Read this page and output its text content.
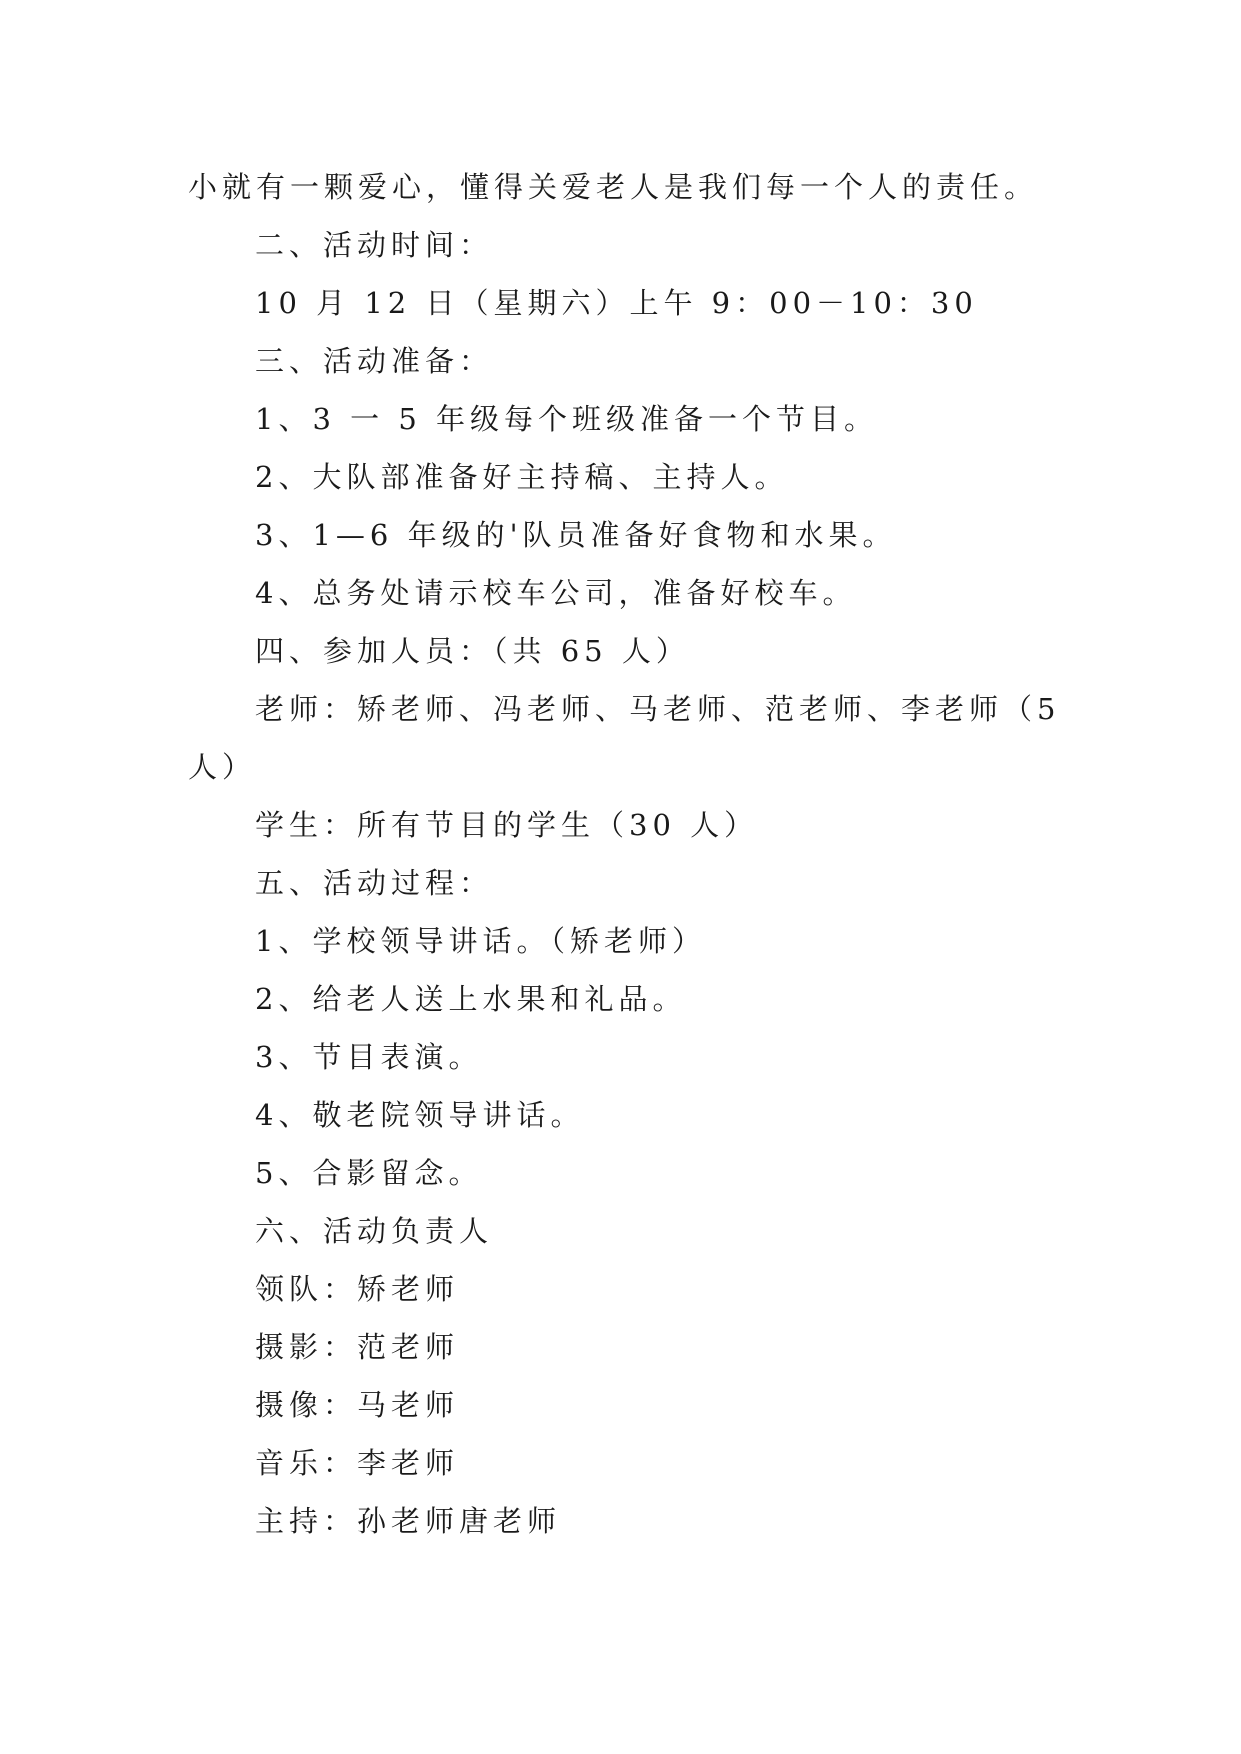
小就有一颗爱心，懂得关爱老人是我们每一个人的责任。
二、活动时间：
10 月 12 日（星期六）上午 9：00－10：30
三、活动准备：
1、3 一 5 年级每个班级准备一个节目。
2、大队部准备好主持稿、主持人。
3、1—6 年级的'队员准备好食物和水果。
4、总务处请示校车公司，准备好校车。
四、参加人员：（共 65 人）
老师：矫老师、冯老师、马老师、范老师、李老师（5
人）
学生：所有节目的学生（30 人）
五、活动过程：
1、学校领导讲话。（矫老师）
2、给老人送上水果和礼品。
3、节目表演。
4、敬老院领导讲话。
5、合影留念。
六、活动负责人
领队：矫老师
摄影：范老师
摄像：马老师
音乐：李老师
主持：孙老师唐老师
